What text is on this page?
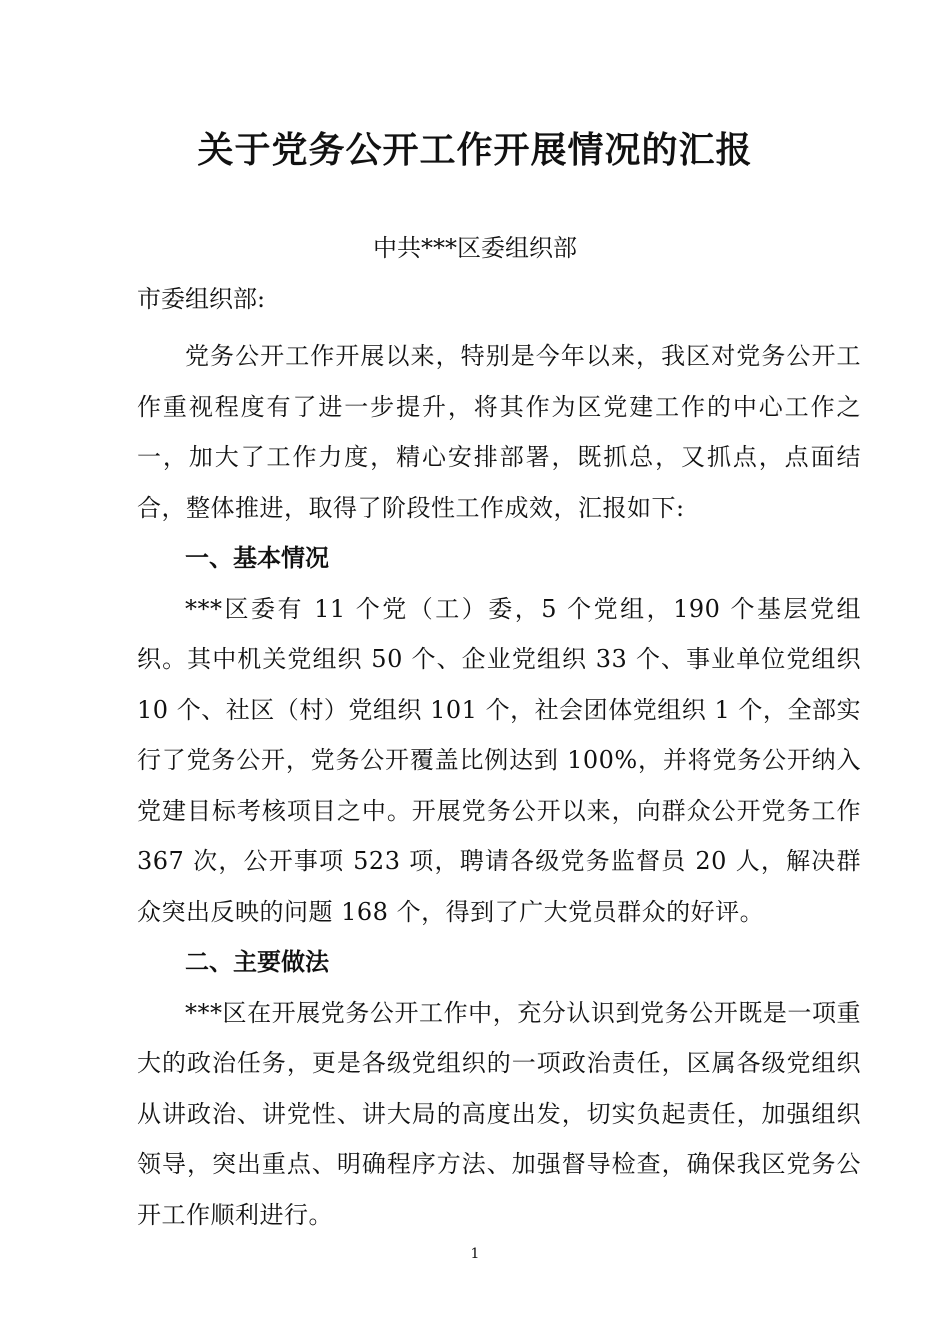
关于党务公开工作开展情况的汇报
中共***区委组织部
市委组织部:

党务公开工作开展以来，特别是今年以来，我区对党务公开工作重视程度有了进一步提升，将其作为区党建工作的中心工作之一，加大了工作力度，精心安排部署，既抓总，又抓点，点面结合，整体推进，取得了阶段性工作成效，汇报如下:

一、基本情况

***区委有 11 个党（工）委，5 个党组，190 个基层党组织。其中机关党组织 50 个、企业党组织 33 个、事业单位党组织 10 个、社区（村）党组织 101 个，社会团体党组织 1 个，全部实行了党务公开，党务公开覆盖比例达到 100%，并将党务公开纳入党建目标考核项目之中。开展党务公开以来，向群众公开党务工作 367 次，公开事项 523 项，聘请各级党务监督员 20 人，解决群众突出反映的问题 168 个，得到了广大党员群众的好评。

二、主要做法

***区在开展党务公开工作中，充分认识到党务公开既是一项重大的政治任务，更是各级党组织的一项政治责任，区属各级党组织从讲政治、讲党性、讲大局的高度出发，切实负起责任，加强组织领导，突出重点、明确程序方法、加强督导检查，确保我区党务公开工作顺利进行。

1
